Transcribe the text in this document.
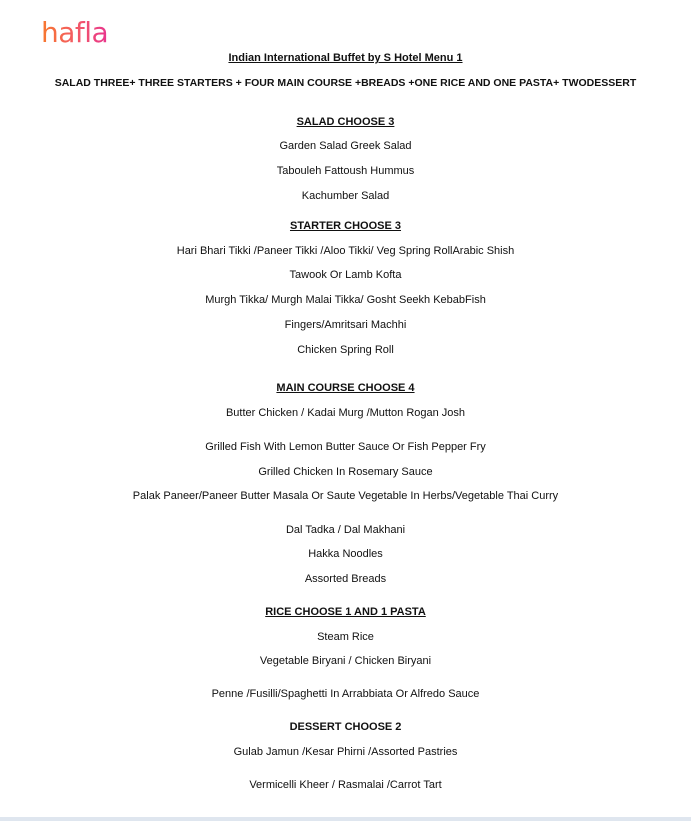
hafla
Indian International Buffet by S Hotel Menu 1
SALAD THREE+ THREE STARTERS + FOUR MAIN COURSE +BREADS +ONE RICE AND ONE PASTA+ TWODESSERT
SALAD CHOOSE 3
Garden Salad Greek Salad
Tabouleh Fattoush Hummus
Kachumber Salad
STARTER CHOOSE 3
Hari Bhari Tikki /Paneer Tikki /Aloo Tikki/ Veg Spring RollArabic Shish
Tawook Or Lamb Kofta
Murgh Tikka/ Murgh Malai Tikka/ Gosht Seekh KebabFish
Fingers/Amritsari Machhi
Chicken Spring Roll
MAIN COURSE CHOOSE 4
Butter Chicken / Kadai Murg /Mutton Rogan Josh
Grilled Fish With Lemon Butter Sauce Or Fish Pepper Fry
Grilled Chicken In Rosemary Sauce
Palak Paneer/Paneer Butter Masala Or Saute Vegetable In Herbs/Vegetable Thai Curry
Dal Tadka / Dal Makhani
Hakka Noodles
Assorted Breads
RICE CHOOSE 1 AND 1 PASTA
Steam Rice
Vegetable Biryani / Chicken Biryani
Penne /Fusilli/Spaghetti In Arrabbiata Or Alfredo Sauce
DESSERT CHOOSE 2
Gulab Jamun /Kesar Phirni /Assorted Pastries
Vermicelli Kheer / Rasmalai /Carrot Tart
